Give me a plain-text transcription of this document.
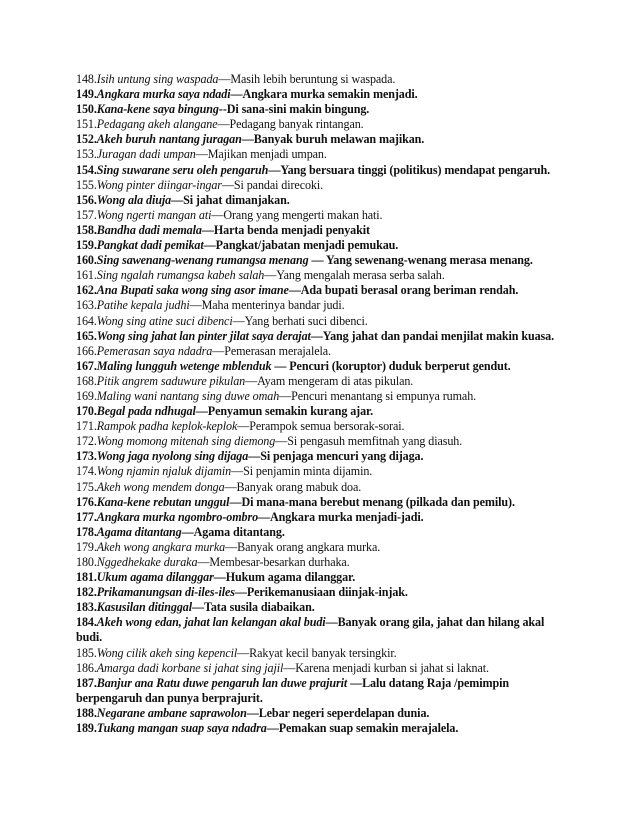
148.Isih untung sing waspada—Masih lebih beruntung si waspada.

149.Angkara murka saya ndadi—Angkara murka semakin menjadi.

150.Kana-kene saya bingung--Di sana-sini makin bingung.

151.Pedagang akeh alangane—Pedagang banyak rintangan.

152.Akeh buruh nantang juragan—Banyak buruh melawan majikan.

153.Juragan dadi umpan—Majikan menjadi umpan.

154.Sing suwarane seru oleh pengaruh—Yang bersuara tinggi (politikus) mendapat pengaruh.

155.Wong pinter diingar-ingar—Si pandai direcoki.

156.Wong ala diuja—Si jahat dimanjakan.

157.Wong ngerti mangan ati—Orang yang mengerti makan hati.

158.Bandha dadi memala—Harta benda menjadi penyakit

159.Pangkat dadi pemikat—Pangkat/jabatan menjadi pemukau.

160.Sing sawenang-wenang rumangsa menang — Yang sewenang-wenang merasa menang.

161.Sing ngalah rumangsa kabeh salah—Yang mengalah merasa serba salah.

162.Ana Bupati saka wong sing asor imane—Ada bupati berasal orang beriman rendah.

163.Patihe kepala judhi—Maha menterinya bandar judi.

164.Wong sing atine suci dibenci—Yang berhati suci dibenci.

165.Wong sing jahat lan pinter jilat saya derajat—Yang jahat dan pandai menjilat makin kuasa.

166.Pemerasan saya ndadra—Pemerasan merajalela.

167.Maling lungguh wetenge mblenduk — Pencuri (koruptor) duduk berperut gendut.

168.Pitik angrem saduwure pikulan—Ayam mengeram di atas pikulan.

169.Maling wani nantang sing duwe omah—Pencuri menantang si empunya rumah.

170.Begal pada ndhugal—Penyamun semakin kurang ajar.

171.Rampok padha keplok-keplok—Perampok semua bersorak-sorai.

172.Wong momong mitenah sing diemong—Si pengasuh memfitnah yang diasuh.

173.Wong jaga nyolong sing dijaga—Si penjaga mencuri yang dijaga.

174.Wong njamin njaluk dijamin—Si penjamin minta dijamin.

175.Akeh wong mendem donga—Banyak orang mabuk doa.

176.Kana-kene rebutan unggul—Di mana-mana berebut menang (pilkada dan pemilu).

177.Angkara murka ngombro-ombro—Angkara murka menjadi-jadi.

178.Agama ditantang—Agama ditantang.

179.Akeh wong angkara murka—Banyak orang angkara murka.

180.Nggedhekake duraka—Membesar-besarkan durhaka.

181.Ukum agama dilanggar—Hukum agama dilanggar.

182.Prikamanungsan di-iles-iles—Perikemanusiaan diinjak-injak.

183.Kasusilan ditinggal—Tata susila diabaikan.

184.Akeh wong edan, jahat lan kelangan akal budi—Banyak orang gila, jahat dan hilang akal budi.

185.Wong cilik akeh sing kepencil—Rakyat kecil banyak tersingkir.

186.Amarga dadi korbane si jahat sing jajil—Karena menjadi kurban si jahat si laknat.

187.Banjur ana Ratu duwe pengaruh lan duwe prajurit —Lalu datang Raja /pemimpin berpengaruh dan punya berprajurit.

188.Negarane ambane saprawolon—Lebar negeri seperdelapan dunia.

189.Tukang mangan suap saya ndadra—Pemakan suap semakin merajalela.
